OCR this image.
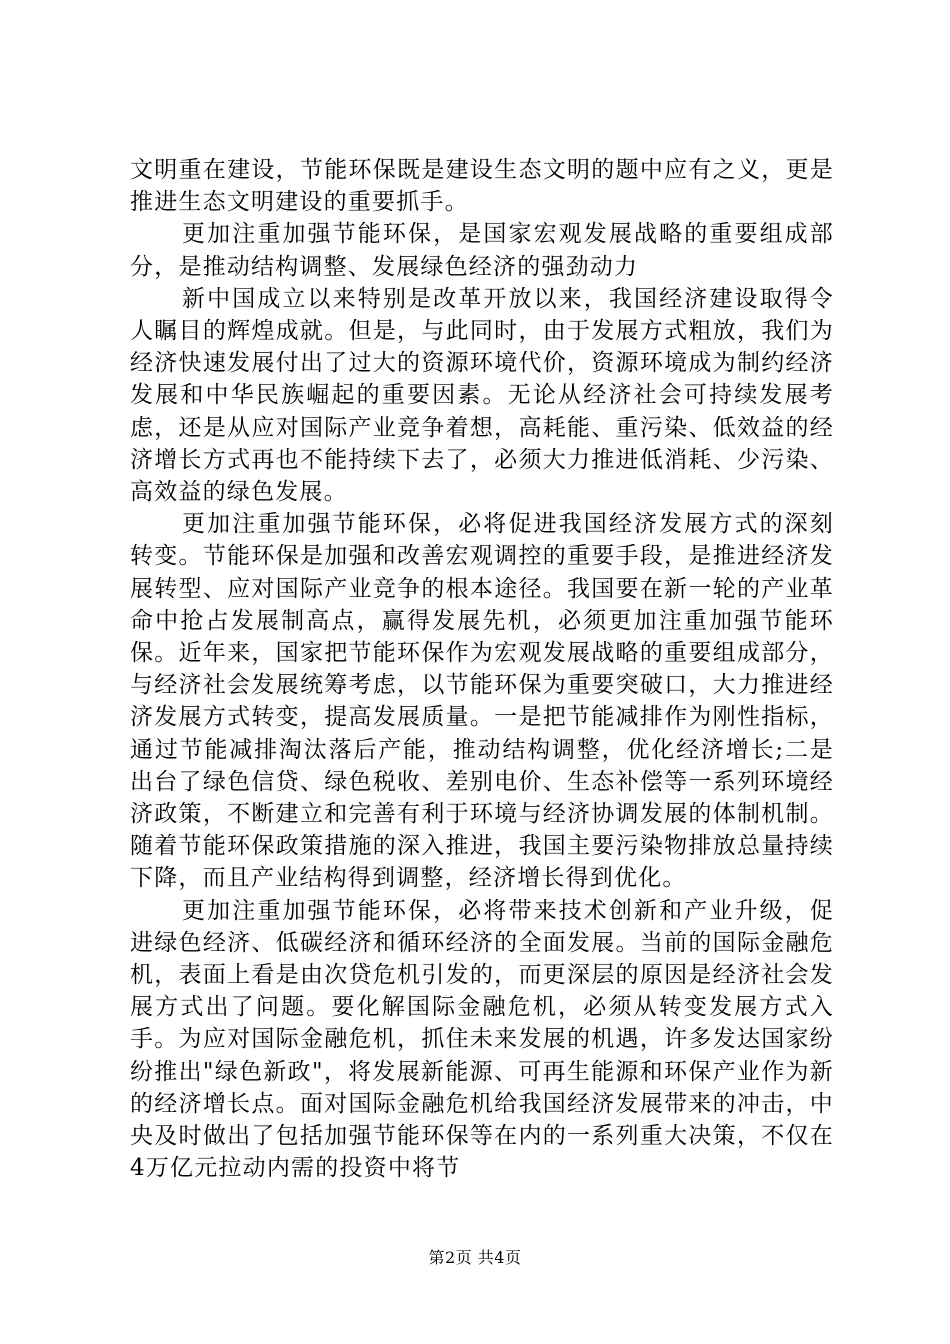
文明重在建设，节能环保既是建设生态文明的题中应有之义，更是推进生态文明建设的重要抓手。

更加注重加强节能环保，是国家宏观发展战略的重要组成部分，是推动结构调整、发展绿色经济的强劲动力

新中国成立以来特别是改革开放以来，我国经济建设取得令人瞩目的辉煌成就。但是，与此同时，由于发展方式粗放，我们为经济快速发展付出了过大的资源环境代价，资源环境成为制约经济发展和中华民族崛起的重要因素。无论从经济社会可持续发展考虑，还是从应对国际产业竞争着想，高耗能、重污染、低效益的经济增长方式再也不能持续下去了，必须大力推进低消耗、少污染、高效益的绿色发展。

更加注重加强节能环保，必将促进我国经济发展方式的深刻转变。节能环保是加强和改善宏观调控的重要手段，是推进经济发展转型、应对国际产业竞争的根本途径。我国要在新一轮的产业革命中抢占发展制高点，赢得发展先机，必须更加注重加强节能环保。近年来，国家把节能环保作为宏观发展战略的重要组成部分，与经济社会发展统筹考虑，以节能环保为重要突破口，大力推进经济发展方式转变，提高发展质量。一是把节能减排作为刚性指标，通过节能减排淘汰落后产能，推动结构调整，优化经济增长;二是出台了绿色信贷、绿色税收、差别电价、生态补偿等一系列环境经济政策，不断建立和完善有利于环境与经济协调发展的体制机制。随着节能环保政策措施的深入推进，我国主要污染物排放总量持续下降，而且产业结构得到调整，经济增长得到优化。

更加注重加强节能环保，必将带来技术创新和产业升级，促进绿色经济、低碳经济和循环经济的全面发展。当前的国际金融危机，表面上看是由次贷危机引发的，而更深层的原因是经济社会发展方式出了问题。要化解国际金融危机，必须从转变发展方式入手。为应对国际金融危机，抓住未来发展的机遇，许多发达国家纷纷推出"绿色新政"，将发展新能源、可再生能源和环保产业作为新的经济增长点。面对国际金融危机给我国经济发展带来的冲击，中央及时做出了包括加强节能环保等在内的一系列重大决策，不仅在4万亿元拉动内需的投资中将节

第2页 共4页
